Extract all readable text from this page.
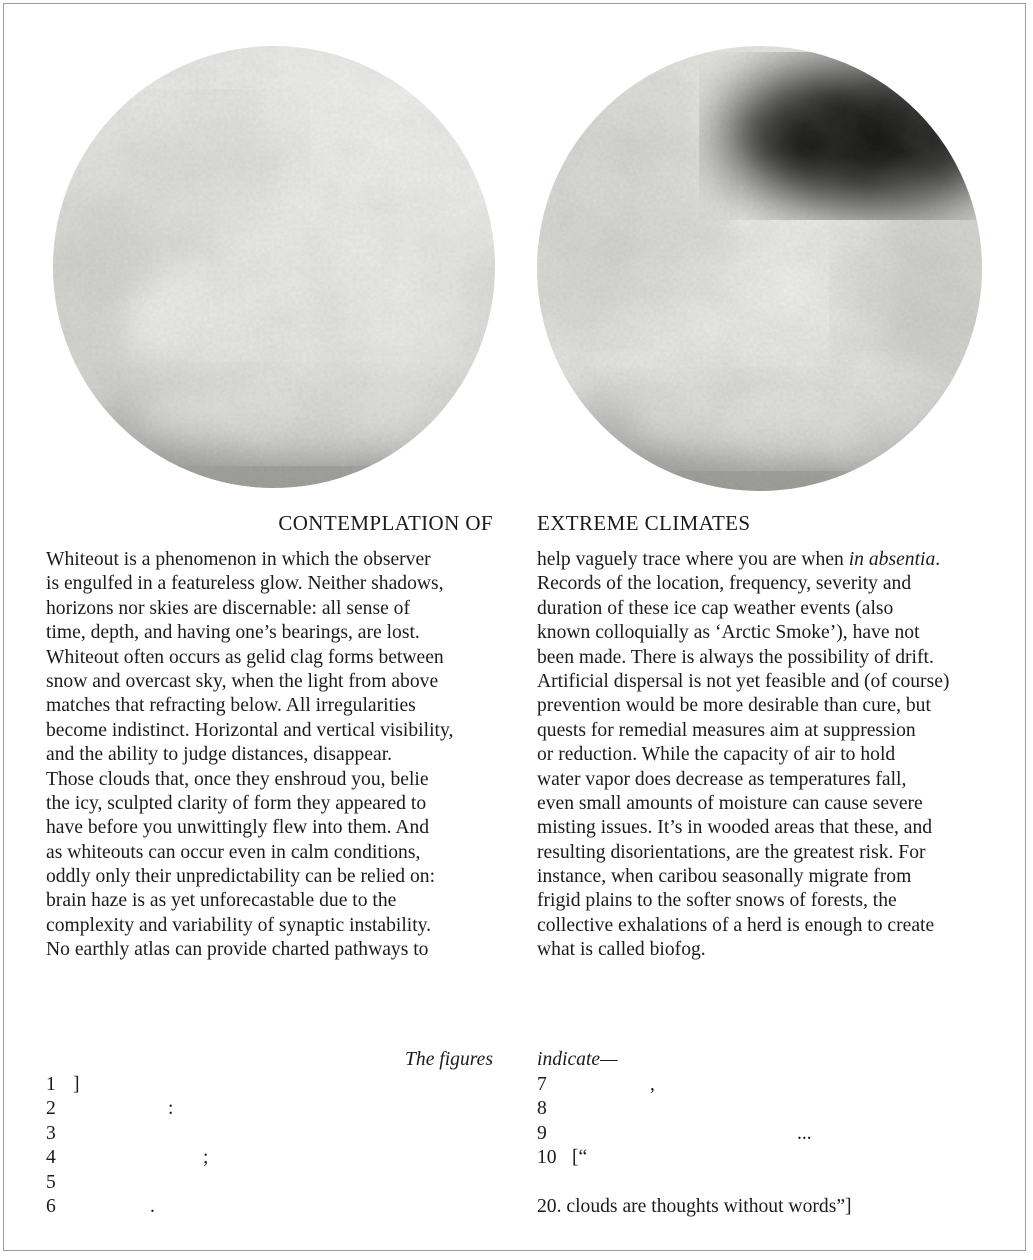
CONTEMPLATION OF EXTREME CLIMATES
Whiteout is a phenomenon in which the observer
is engulfed in a featureless glow. Neither shadows,
horizons nor skies are discernable: all sense of
time, depth, and having one’s bearings, are lost.
Whiteout often occurs as gelid clag forms between
snow and overcast sky, when the light from above
matches that refracting below. All irregularities
become indistinct. Horizontal and vertical visibility,
and the ability to judge distances, disappear.
Those clouds that, once they enshroud you, belie
the icy, sculpted clarity of form they appeared to
have before you unwittingly flew into them. And
as whiteouts can occur even in calm conditions,
oddly only their unpredictability can be relied on:
brain haze is as yet unforecastable due to the
complexity and variability of synaptic instability.
No earthly atlas can provide charted pathways to
help vaguely trace where you are when in absentia.
Records of the location, frequency, severity and
duration of these ice cap weather events (also
known colloquially as ‘Arctic Smoke’), have not
been made. There is always the possibility of drift.
Artificial dispersal is not yet feasible and (of course)
prevention would be more desirable than cure, but
quests for remedial measures aim at suppression
or reduction. While the capacity of air to hold
water vapor does decrease as temperatures fall,
even small amounts of moisture can cause severe
misting issues. It’s in wooded areas that these, and
resulting disorientations, are the greatest risk. For
instance, when caribou seasonally migrate from
frigid plains to the softer snows of forests, the
collective exhalations of a herd is enough to create
what is called biofog.
The figures indicate—
1 ]
2	:
3
4	;
5
6	.
7	,
8
9	...
10 [“
20. clouds are thoughts without words”]
